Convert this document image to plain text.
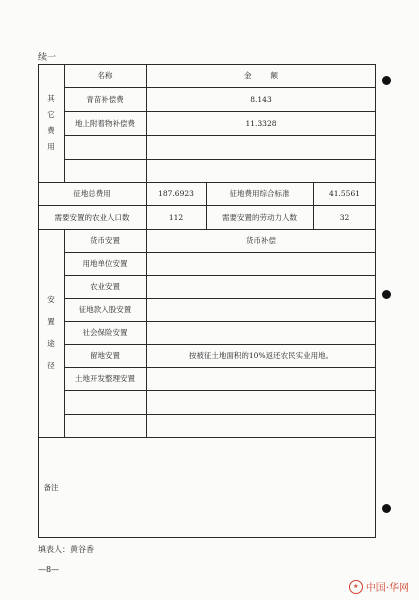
续一
其
它
费
用
名称	金        额
青苗补偿费	8.143
地上附着物补偿费	11.3328
征地总费用	187.6923	征地费用综合标准	41.5561
需要安置的农业人口数	112	需要安置的劳动力人数	32
安
置
途
径
货币安置	货币补偿
用地单位安置
农业安置
征地款入股安置
社会保险安置
留地安置	按被征土地面积的10%返还农民实业用地。
土地开发整理安置
备注
填表人：黄谷香
—8—
★ 中国·华网
